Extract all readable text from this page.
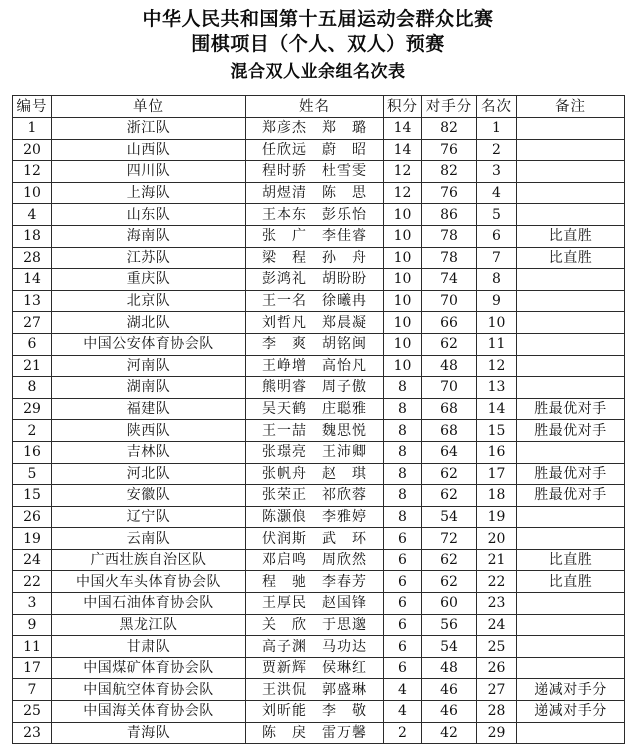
中华人民共和国第十五届运动会群众比赛
围棋项目（个人、双人）预赛
混合双人业余组名次表
编号	单位	姓名	积分	对手分	名次	备注
1	浙江队	郑彦杰　郑　璐	14	82	1	
20	山西队	任欣远　蔚　昭	14	76	2	
12	四川队	程时骄　杜雪雯	12	82	3	
10	上海队	胡煜清　陈　思	12	76	4	
4	山东队	王本东　彭乐怡	10	86	5	
18	海南队	张　广　李佳睿	10	78	6	比直胜
28	江苏队	梁　程　孙　舟	10	78	7	比直胜
14	重庆队	彭鸿礼　胡盼盼	10	74	8	
13	北京队	王一名　徐曦冉	10	70	9	
27	湖北队	刘哲凡　郑晨凝	10	66	10	
6	中国公安体育协会队	李　爽　胡铭闽	10	62	11	
21	河南队	王峥增　高怡凡	10	48	12	
8	湖南队	熊明睿　周子傲	8	70	13	
29	福建队	吴天鹤　庄聪雅	8	68	14	胜最优对手
2	陕西队	王一喆　魏思悦	8	68	15	胜最优对手
16	吉林队	张璟亮　王沛卿	8	64	16	
5	河北队	张帆舟　赵　琪	8	62	17	胜最优对手
15	安徽队	张荣正　祁欣蓉	8	62	18	胜最优对手
26	辽宁队	陈灏俍　李雅婷	8	54	19	
19	云南队	伏润斯　武　环	6	72	20	
24	广西壮族自治区队	邓启鸣　周欣然	6	62	21	比直胜
22	中国火车头体育协会队	程　驰　李春芳	6	62	22	比直胜
3	中国石油体育协会队	王厚民　赵国锋	6	60	23	
9	黑龙江队	关　欣　于思邈	6	56	24	
11	甘肃队	高子渊　马功达	6	54	25	
17	中国煤矿体育协会队	贾新辉　侯琳红	6	48	26	
7	中国航空体育协会队	王洪侃　郭盛琳	4	46	27	递减对手分
25	中国海关体育协会队	刘昕能　李　敬	4	46	28	递减对手分
23	青海队	陈　戾　雷万馨	2	42	29	
